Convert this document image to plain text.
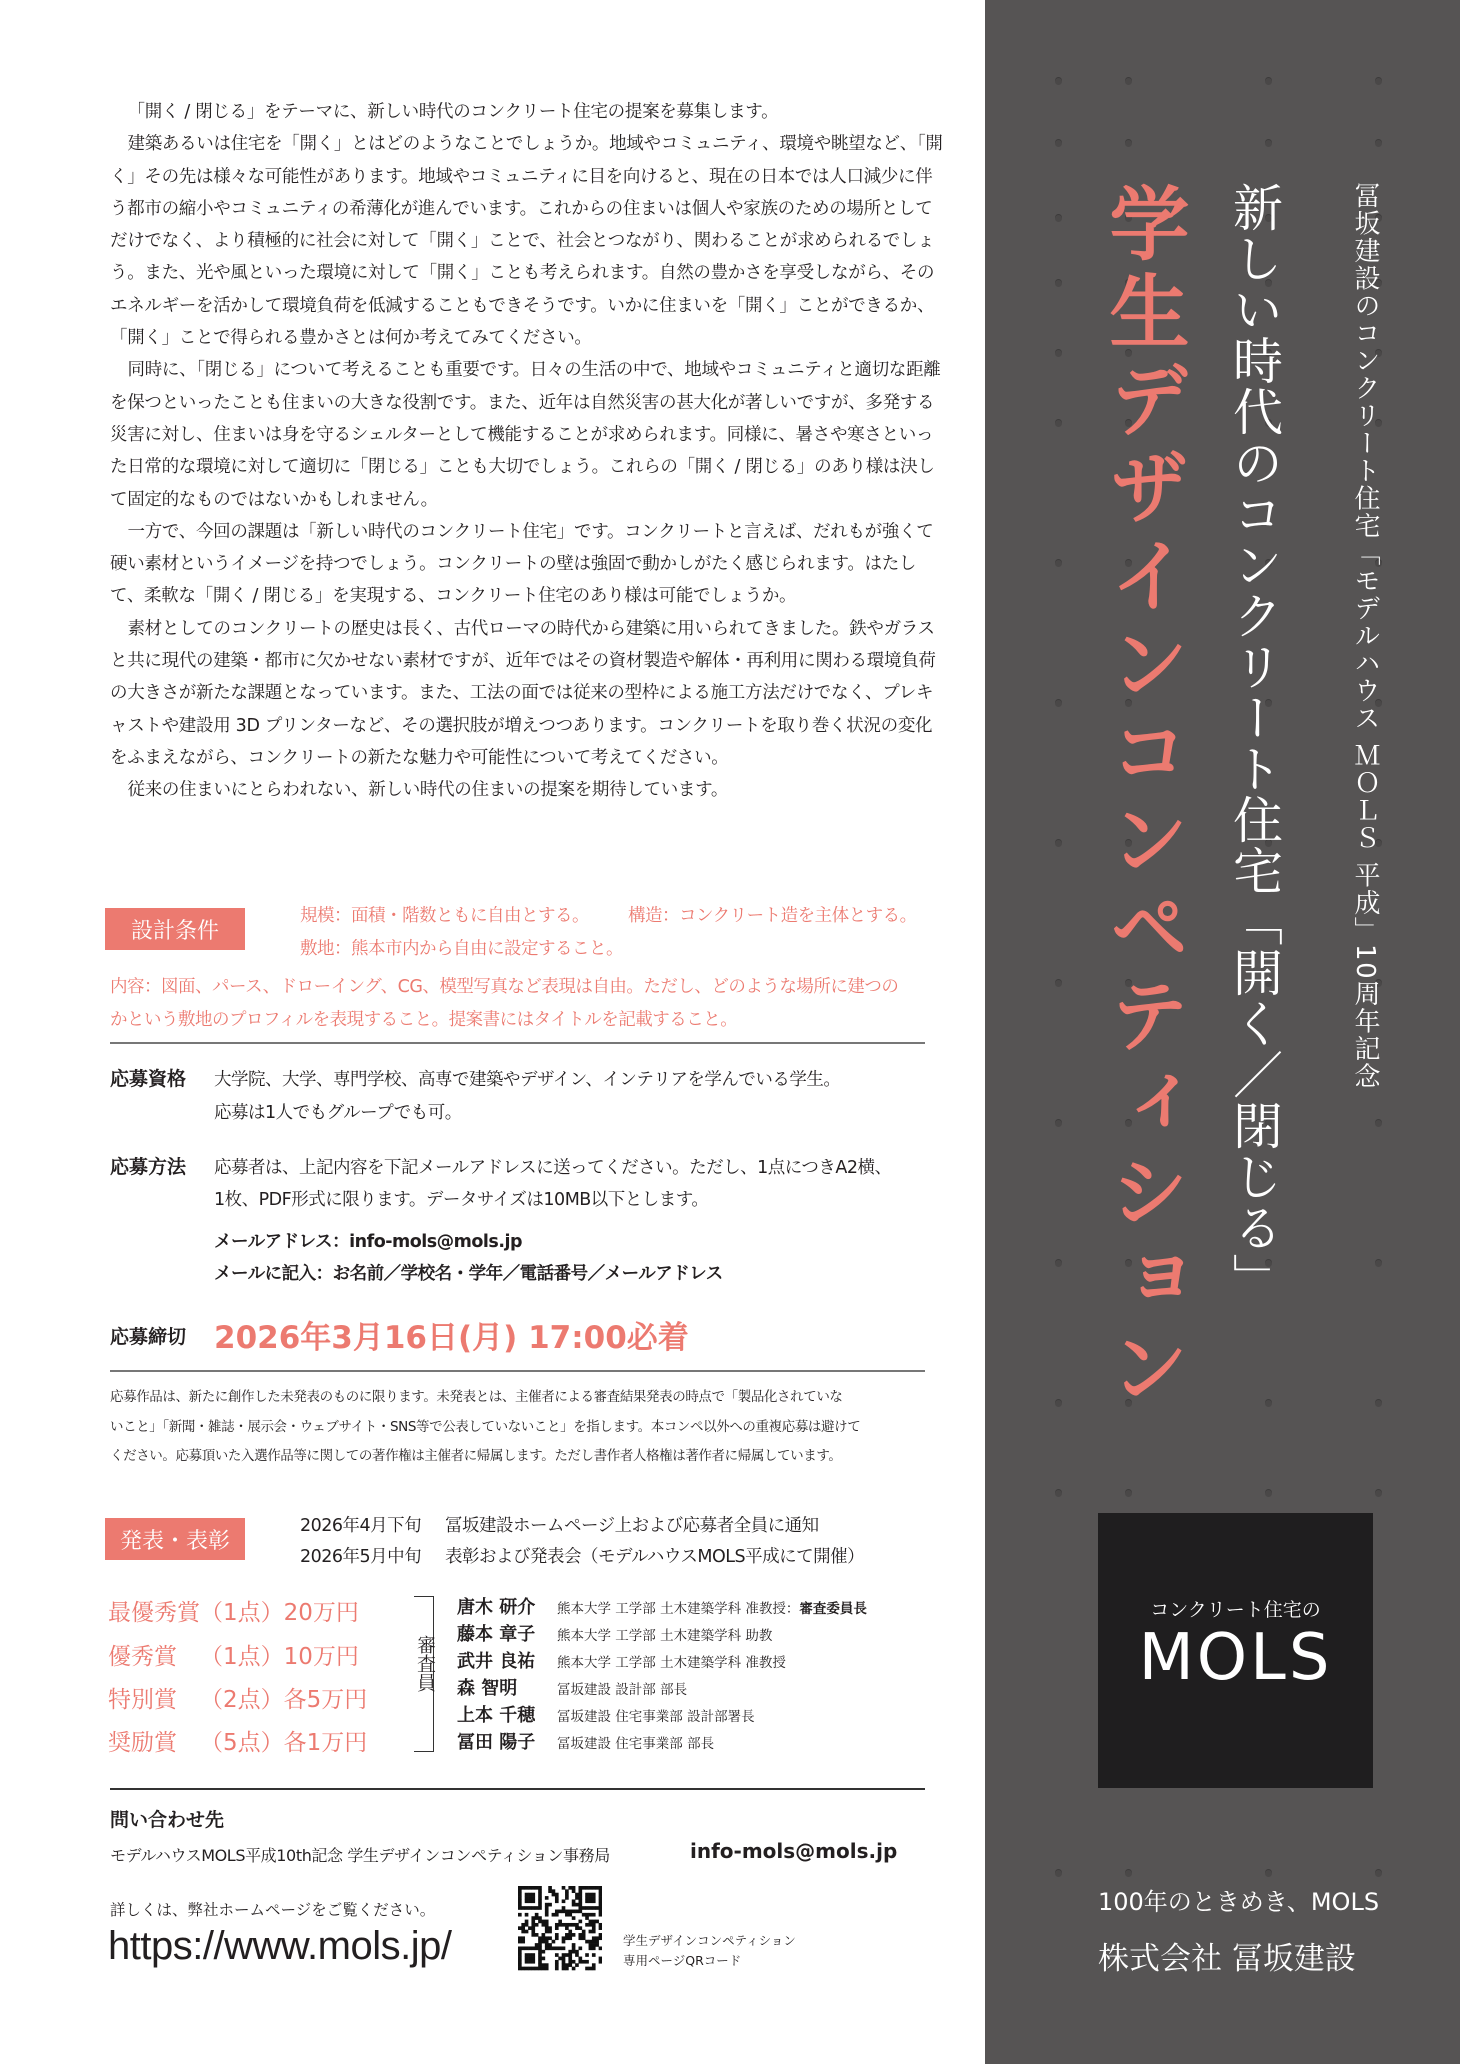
「開く / 閉じる」をテーマに、新しい時代のコンクリート住宅の提案を募集します。

建築あるいは住宅を「開く」とはどのようなことでしょうか。地域やコミュニティ、環境や眺望など、「開く」その先は様々な可能性があります。地域やコミュニティに目を向けると、現在の日本では人口減少に伴う都市の縮小やコミュニティの希薄化が進んでいます。これからの住まいは個人や家族のための場所としてだけでなく、より積極的に社会に対して「開く」ことで、社会とつながり、関わることが求められるでしょう。また、光や風といった環境に対して「開く」ことも考えられます。自然の豊かさを享受しながら、そのエネルギーを活かして環境負荷を低減することもできそうです。いかに住まいを「開く」ことができるか、「開く」ことで得られる豊かさとは何か考えてみてください。

同時に、「閉じる」について考えることも重要です。日々の生活の中で、地域やコミュニティと適切な距離を保つといったことも住まいの大きな役割です。また、近年は自然災害の甚大化が著しいですが、多発する災害に対し、住まいは身を守るシェルターとして機能することが求められます。同様に、暑さや寒さといった日常的な環境に対して適切に「閉じる」ことも大切でしょう。これらの「開く / 閉じる」のあり様は決して固定的なものではないかもしれません。

一方で、今回の課題は「新しい時代のコンクリート住宅」です。コンクリートと言えば、だれもが強くて硬い素材というイメージを持つでしょう。コンクリートの壁は強固で動かしがたく感じられます。はたして、柔軟な「開く / 閉じる」を実現する、コンクリート住宅のあり様は可能でしょうか。

素材としてのコンクリートの歴史は長く、古代ローマの時代から建築に用いられてきました。鉄やガラスと共に現代の建築・都市に欠かせない素材ですが、近年ではその資材製造や解体・再利用に関わる環境負荷の大きさが新たな課題となっています。また、工法の面では従来の型枠による施工方法だけでなく、プレキャストや建設用 3D プリンターなど、その選択肢が増えつつあります。コンクリートを取り巻く状況の変化をふまえながら、コンクリートの新たな魅力や可能性について考えてください。

従来の住まいにとらわれない、新しい時代の住まいの提案を期待しています。

設計条件
規模：面積・階数ともに自由とする。 構造：コンクリート造を主体とする。
敷地：熊本市内から自由に設定すること。
内容：図面、パース、ドローイング、CG、模型写真など表現は自由。ただし、どのような場所に建つの
かという敷地のプロフィルを表現すること。提案書にはタイトルを記載すること。
応募資格 大学院、大学、専門学校、高専で建築やデザイン、インテリアを学んでいる学生。
応募は1人でもグループでも可。
応募方法 応募者は、上記内容を下記メールアドレスに送ってください。ただし、1点につきA2横、
1枚、PDF形式に限ります。データサイズは10MB以下とします。
メールアドレス：info-mols@mols.jp
メールに記入：お名前／学校名・学年／電話番号／メールアドレス
応募締切 2026年3月16日(月) 17:00必着
応募作品は、新たに創作した未発表のものに限ります。未発表とは、主催者による審査結果発表の時点で「製品化されていな
いこと」「新聞・雑誌・展示会・ウェブサイト・SNS等で公表していないこと」を指します。本コンペ以外への重複応募は避けて
ください。応募頂いた入選作品等に関しての著作権は主催者に帰属します。ただし書作者人格権は著作者に帰属しています。
発表・表彰
2026年4月下旬 冨坂建設ホームページ上および応募者全員に通知
2026年5月中旬 表彰および発表会（モデルハウスMOLS平成にて開催）
最優秀賞（1点）20万円
優秀賞 （1点）10万円
特別賞 （2点）各5万円
奨励賞 （5点）各1万円
審査員
唐木 研介 熊本大学 工学部 土木建築学科 准教授：審査委員長
藤本 章子 熊本大学 工学部 土木建築学科 助教
武井 良祐 熊本大学 工学部 土木建築学科 准教授
森 智明	冨坂建設 設計部 部長
上本 千穂 冨坂建設 住宅事業部 設計部署長
冨田 陽子 冨坂建設 住宅事業部 部長
問い合わせ先
モデルハウスMOLS平成10th記念 学生デザインコンペティション事務局	info-mols@mols.jp
詳しくは、弊社ホームページをご覧ください。
https://www.mols.jp/	学生デザインコンペティション
専用ページQRコード
冨坂建設のコンクリート住宅「モデルハウス ＭＯＬＳ 平成」10周年記念
新しい時代のコンクリート住宅「開く／閉じる」
学生デザインコンペティション
コンクリート住宅の
MOLS
100年のときめき、MOLS
株式会社 冨坂建設
